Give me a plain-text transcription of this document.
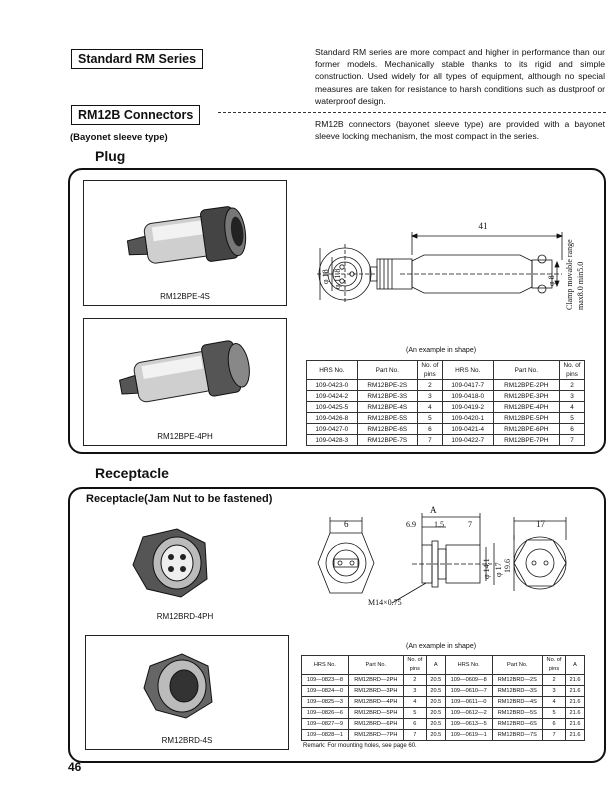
Standard RM Series	Standard RM series are more compact and higher in performance than our former models. Mechanically stable thanks to its rigid and simple construction. Used widely for all types of equipment, although no special measures are taken for resistance to harsh conditions such as dustproof or waterproof design.
RM12B Connectors
RM12B connectors (bayonet sleeve type) are provided with a bayonet sleeve locking mechanism, the most compact in the series.
(Bayonet sleeve type)
Plug
RM12BPE-4S
RM12BPE-4PH
41
φ 18 φ 11.8	φ 8 Clamp movable range max8.0 min5.0
(An example in shape)
HRS No.	Part No.	No. of pins	HRS No.	Part No.	No. of pins
109-0423-0	RM12BPE-2S	2	109-0417-7	RM12BPE-2PH	2
109-0424-2	RM12BPE-3S	3	109-0418-0	RM12BPE-3PH	3
109-0425-5	RM12BPE-4S	4	109-0419-2	RM12BPE-4PH	4
109-0426-8	RM12BPE-5S	5	109-0420-1	RM12BPE-5PH	5
109-0427-0	RM12BPE-6S	6	109-0421-4	RM12BPE-6PH	6
109-0428-3	RM12BPE-7S	7	109-0422-7	RM12BPE-7PH	7
Receptacle
Receptacle(Jam Nut to be fastened)
RM12BRD-4PH
RM12BRD-4S
6
A
6.9 1.5	7	17
φ 14.1 φ 17 19.6
M14×0.75
(An example in shape)
HRS No.	Part No.	No. of pins	A	HRS No.	Part No.	No. of pins	A
109—0823—8	RM12BRD—2PH	2	20.5	109—0609—8	RM12BRD—2S	2	21.6
109—0824—0	RM12BRD—3PH	3	20.5	109—0610—7	RM12BRD—3S	3	21.6
109—0825—3	RM12BRD—4PH	4	20.5	109—0611—0	RM12BRD—4S	4	21.6
109—0826—6	RM12BRD—5PH	5	20.5	109—0612—2	RM12BRD—5S	5	21.6
109—0827—9	RM12BRD—6PH	6	20.5	109—0613—5	RM12BRD—6S	6	21.6
109—0828—1	RM12BRD—7PH	7	20.5	109—0619—1	RM12BRD—7S	7	21.6
Remark: For mounting holes, see page 60.
46
